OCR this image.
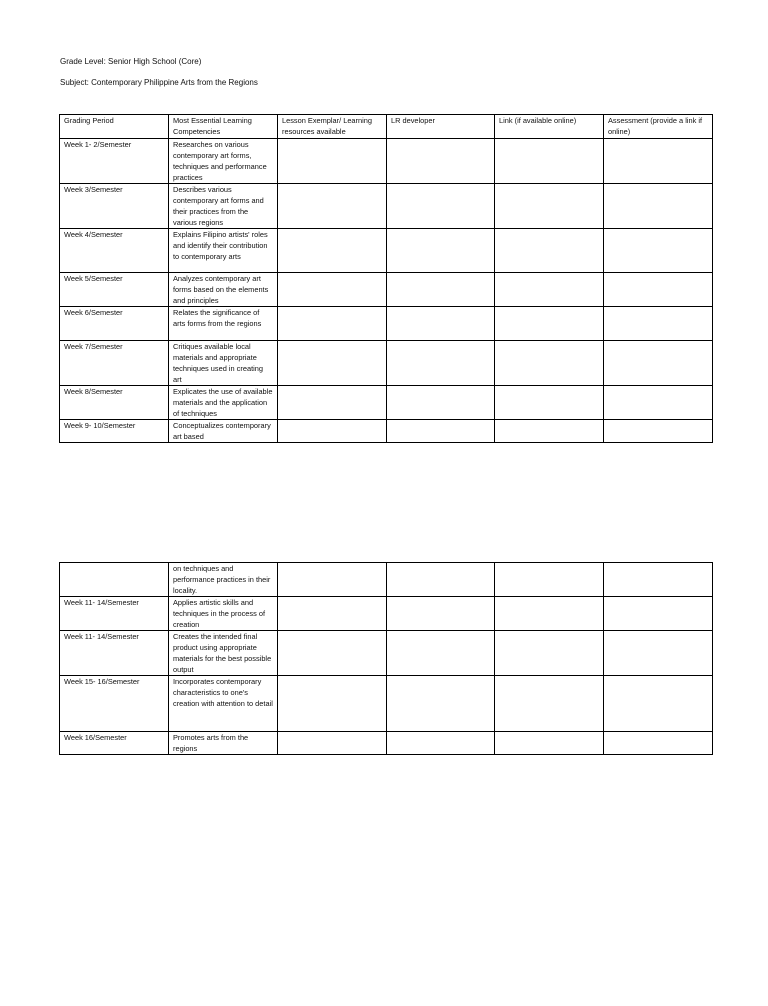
Grade Level: Senior High School (Core)
Subject: Contemporary Philippine Arts from the Regions
Grading Period	Most Essential Learning Competencies	Lesson Exemplar/ Learning resources available	LR developer	Link (if available online)	Assessment (provide a link if online)
Week 1- 2/Semester	Researches on various contemporary art forms, techniques and performance practices				
Week 3/Semester	Describes various contemporary art forms and their practices from the various regions				
Week 4/Semester	Explains Filipino artists' roles and identify their contribution to contemporary arts				
Week 5/Semester	Analyzes contemporary art forms based on the elements and principles				
Week 6/Semester	Relates the significance of arts forms from the regions				
Week 7/Semester	Critiques available local materials and appropriate techniques used in creating art				
Week 8/Semester	Explicates the use of available materials and the application of techniques				
Week 9- 10/Semester	Conceptualizes contemporary art based				
	on techniques and performance practices in their locality.				
Week 11- 14/Semester	Applies artistic skills and techniques in the process of creation				
Week 11- 14/Semester	Creates the intended final product using appropriate materials for the best possible output				
Week 15- 16/Semester	Incorporates contemporary characteristics to one's creation with attention to detail				
Week 16/Semester	Promotes arts from the regions				
